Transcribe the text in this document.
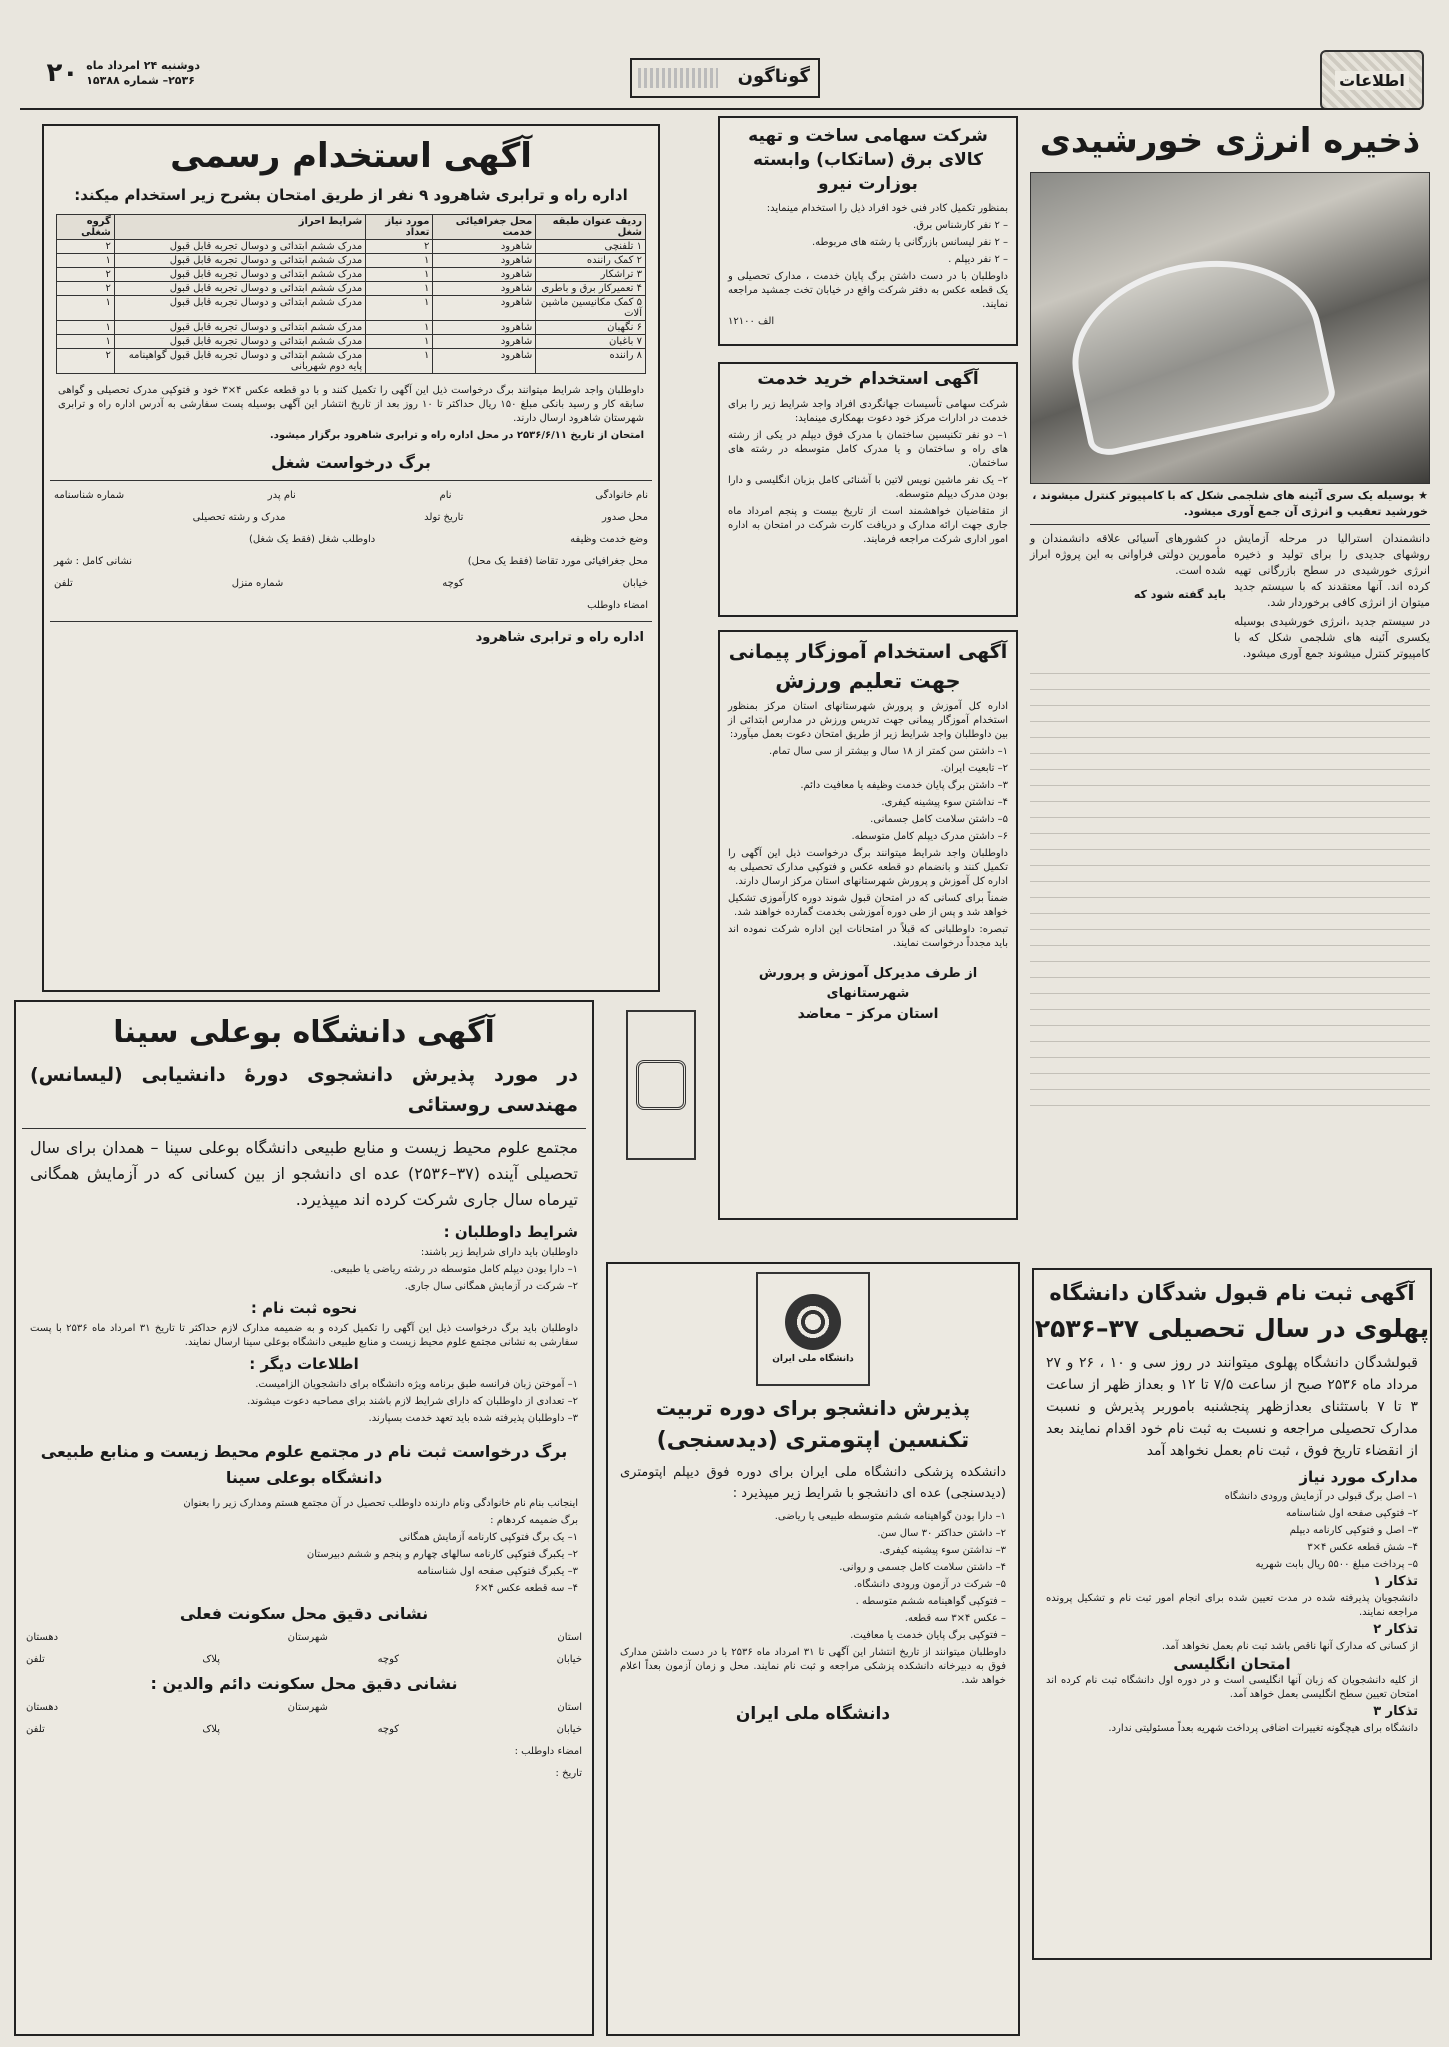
دوشنبه ۲۴ امرداد ماه
۲۵۳۶– شماره ۱۵۳۸۸
۲۰	گوناگون	اطلاعات
ذخیره انرژی خورشیدی
★ بوسیله یک سری آئینه های شلجمی شکل که با کامپیوتر کنترل میشوند ، خورشید تعقیب و انرژی آن جمع آوری میشود.

دانشمندان استرالیا در مرحله آزمایش روشهای جدیدی را برای تولید و ذخیره انرژی خورشیدی در سطح بازرگانی تهیه کرده اند. آنها معتقدند که با سیستم جدید میتوان از انرژی کافی برخوردار شد.

در سیستم جدید ،انرژی خورشیدی بوسیله یکسری آئینه های شلجمی شکل که با کامپیوتر کنترل میشوند جمع آوری میشود.

در کشورهای آسیائی علاقه دانشمندان و مأمورین دولتی فراوانی به این پروژه ابراز شده است.

باید گفته شود که

شرکت سهامی ساخت و تهیه کالای برق (ساتکاب) وابسته بوزارت نیرو

بمنظور تکمیل کادر فنی خود افراد ذیل را استخدام مینماید:

– ۲ نفر کارشناس برق.

– ۲ نفر لیسانس بازرگانی یا رشته های مربوطه.

– ۲ نفر دیپلم .

داوطلبان با در دست داشتن برگ پایان خدمت ، مدارک تحصیلی و یک قطعه عکس به دفتر شرکت واقع در خیابان تخت جمشید مراجعه نمایند.

الف ۱۲۱۰۰

آگهی استخدام خرید خدمت

شرکت سهامی تأسیسات جهانگردی افراد واجد شرایط زیر را برای خدمت در ادارات مرکز خود دعوت بهمکاری مینماید:

۱– دو نفر تکنیسین ساختمان با مدرک فوق دیپلم در یکی از رشته های راه و ساختمان و یا مدرک کامل متوسطه در رشته های ساختمان.

۲– یک نفر ماشین نویس لاتین با آشنائی کامل بزبان انگلیسی و دارا بودن مدرک دیپلم متوسطه.

از متقاضیان خواهشمند است از تاریخ بیست و پنجم امرداد ماه جاری جهت ارائه مدارک و دریافت کارت شرکت در امتحان به اداره امور اداری شرکت مراجعه فرمایند.

آگهی استخدام آموزگار پیمانی
جهت تعلیم ورزش

اداره کل آموزش و پرورش شهرستانهای استان مرکز بمنظور استخدام آموزگار پیمانی جهت تدریس ورزش در مدارس ابتدائی از بین داوطلبان واجد شرایط زیر از طریق امتحان دعوت بعمل میآورد:

۱– داشتن سن کمتر از ۱۸ سال و بیشتر از سی سال تمام.

۲– تابعیت ایران.

۳– داشتن برگ پایان خدمت وظیفه یا معافیت دائم.

۴– نداشتن سوء پیشینه کیفری.

۵– داشتن سلامت کامل جسمانی.

۶– داشتن مدرک دیپلم کامل متوسطه.

داوطلبان واجد شرایط میتوانند برگ درخواست ذیل این آگهی را تکمیل کنند و بانضمام دو قطعه عکس و فتوکپی مدارک تحصیلی به اداره کل آموزش و پرورش شهرستانهای استان مرکز ارسال دارند.

ضمناً برای کسانی که در امتحان قبول شوند دوره کارآموزی تشکیل خواهد شد و پس از طی دوره آموزشی بخدمت گمارده خواهند شد.

تبصره: داوطلبانی که قبلاً در امتحانات این اداره شرکت نموده اند باید مجدداً درخواست نمایند.

از طرف مدیرکل آموزش و پرورش شهرستانهای
استان مرکز – معاضد
آگهی استخدام رسمی
اداره راه و ترابری شاهرود ۹ نفر از طریق امتحان بشرح زیر استخدام میکند:
ردیف عنوان طبقه شغل	محل جغرافیائی خدمت	مورد نیاز تعداد	شرایط احراز	گروه شغلی
۱ تلفنچی	شاهرود	۲	مدرک ششم ابتدائی و دوسال تجربه قابل قبول	۲
۲ کمک راننده	شاهرود	۱	مدرک ششم ابتدائی و دوسال تجربه قابل قبول	۱
۳ تراشکار	شاهرود	۱	مدرک ششم ابتدائی و دوسال تجربه قابل قبول	۲
۴ تعمیرکار برق و باطری	شاهرود	۱	مدرک ششم ابتدائی و دوسال تجربه قابل قبول	۲
۵ کمک مکانیسین ماشین آلات	شاهرود	۱	مدرک ششم ابتدائی و دوسال تجربه قابل قبول	۱
۶ نگهبان	شاهرود	۱	مدرک ششم ابتدائی و دوسال تجربه قابل قبول	۱
۷ باغبان	شاهرود	۱	مدرک ششم ابتدائی و دوسال تجربه قابل قبول	۱
۸ راننده	شاهرود	۱	مدرک ششم ابتدائی و دوسال تجربه قابل قبول گواهینامه پایه دوم شهربانی	۲

داوطلبان واجد شرایط میتوانند برگ درخواست ذیل این آگهی را تکمیل کنند و با دو قطعه عکس ۴×۳ خود و فتوکپی مدرک تحصیلی و گواهی سابقه کار و رسید بانکی مبلغ ۱۵۰ ریال حداکثر تا ۱۰ روز بعد از تاریخ انتشار این آگهی بوسیله پست سفارشی به آدرس اداره راه و ترابری شهرستان شاهرود ارسال دارند.

امتحان از تاریخ ۲۵۳۶/۶/۱۱ در محل اداره راه و ترابری شاهرود برگزار میشود.

برگ درخواست شغل
نام خانوادگی
نام
نام پدر
شماره شناسنامه
محل صدور
تاریخ تولد
مدرک و رشته تحصیلی
وضع خدمت وظیفه
داوطلب شغل (فقط یک شغل)
محل جغرافیائی مورد تقاضا (فقط یک محل)
نشانی کامل : شهر
خیابان
کوچه
شماره منزل
تلفن
امضاء داوطلب
اداره راه و ترابری شاهرود
آگهی دانشگاه بوعلی سینا
در مورد پذیرش دانشجوی دورهٔ دانشیابی (لیسانس) مهندسی روستائی
مجتمع علوم محیط زیست و منابع طبیعی دانشگاه بوعلی سینا – همدان برای سال تحصیلی آینده (۳۷–۲۵۳۶) عده ای دانشجو از بین کسانی که در آزمایش همگانی تیرماه سال جاری شرکت کرده اند میپذیرد.

شرایط داوطلبان :

داوطلبان باید دارای شرایط زیر باشند:

۱– دارا بودن دیپلم کامل متوسطه در رشته ریاضی یا طبیعی.

۲– شرکت در آزمایش همگانی سال جاری.

نحوه ثبت نام :

داوطلبان باید برگ درخواست ذیل این آگهی را تکمیل کرده و به ضمیمه مدارک لازم حداکثر تا تاریخ ۳۱ امرداد ماه ۲۵۳۶ با پست سفارشی به نشانی مجتمع علوم محیط زیست و منابع طبیعی دانشگاه بوعلی سینا ارسال نمایند.

اطلاعات دیگر :

۱– آموختن زبان فرانسه طبق برنامه ویژه دانشگاه برای دانشجویان الزامیست.

۲– تعدادی از داوطلبان که دارای شرایط لازم باشند برای مصاحبه دعوت میشوند.

۳– داوطلبان پذیرفته شده باید تعهد خدمت بسپارند.

برگ درخواست ثبت نام در مجتمع علوم محیط زیست و منابع طبیعی دانشگاه بوعلی سینا

اینجانب بنام نام خانوادگی ونام دارنده داوطلب تحصیل در آن مجتمع هستم ومدارک زیر را بعنوان

برگ ضمیمه کردهام :

۱– یک برگ فتوکپی کارنامه آزمایش همگانی

۲– یکبرگ فتوکپی کارنامه سالهای چهارم و پنجم و ششم دبیرستان

۳– یکبرگ فتوکپی صفحه اول شناسنامه

۴– سه قطعه عکس ۴×۶

نشانی دقیق محل سکونت فعلی
استان
شهرستان
دهستان
خیابان
کوچه
پلاک
تلفن
نشانی دقیق محل سکونت دائم والدین :
استان
شهرستان
دهستان
خیابان
کوچه
پلاک
تلفن
امضاء داوطلب :
تاریخ :
آگهی ثبت نام قبول شدگان دانشگاه
پهلوی در سال تحصیلی ۳۷–۲۵۳۶
قبولشدگان دانشگاه پهلوی میتوانند در روز سی و ۱۰ ، ۲۶ و ۲۷ مرداد ماه ۲۵۳۶ صبح از ساعت ۷/۵ تا ۱۲ و بعداز ظهر از ساعت ۳ تا ۷ باستثنای بعدازظهر پنجشنبه باموربر پذیرش و نسبت مدارک تحصیلی مراجعه و نسبت به ثبت نام خود اقدام نمایند بعد از انقضاء تاریخ فوق ، ثبت نام بعمل نخواهد آمد
مدارک مورد نیاز

۱– اصل برگ قبولی در آزمایش ورودی دانشگاه

۲– فتوکپی صفحه اول شناسنامه

۳– اصل و فتوکپی کارنامه دیپلم

۴– شش قطعه عکس ۴×۳

۵– پرداخت مبلغ ۵۵۰۰ ریال بابت شهریه

تذکار ۱

دانشجویان پذیرفته شده در مدت تعیین شده برای انجام امور ثبت نام و تشکیل پرونده مراجعه نمایند.

تذکار ۲

از کسانی که مدارک آنها ناقص باشد ثبت نام بعمل نخواهد آمد.

امتحان انگلیسی

از کلیه دانشجویان که زبان آنها انگلیسی است و در دوره اول دانشگاه ثبت نام کرده اند امتحان تعیین سطح انگلیسی بعمل خواهد آمد.

تذکار ۳

دانشگاه برای هیچگونه تغییرات اضافی پرداخت شهریه بعداً مسئولیتی ندارد.

دانشگاه ملی ایران
پذیرش دانشجو برای دوره تربیت
تکنسین اپتومتری (دیدسنجی)
دانشکده پزشکی دانشگاه ملی ایران برای دوره فوق دیپلم اپتومتری (دیدسنجی) عده ای دانشجو با شرایط زیر میپذیرد :

۱– دارا بودن گواهینامه ششم متوسطه طبیعی یا ریاضی.

۲– داشتن حداکثر ۳۰ سال سن.

۳– نداشتن سوء پیشینه کیفری.

۴– داشتن سلامت کامل جسمی و روانی.

۵– شرکت در آزمون ورودی دانشگاه.

– فتوکپی گواهینامه ششم متوسطه .

– عکس ۴×۳ سه قطعه.

– فتوکپی برگ پایان خدمت یا معافیت.

داوطلبان میتوانند از تاریخ انتشار این آگهی تا ۳۱ امرداد ماه ۲۵۳۶ با در دست داشتن مدارک فوق به دبیرخانه دانشکده پزشکی مراجعه و ثبت نام نمایند. محل و زمان آزمون بعداً اعلام خواهد شد.

دانشگاه ملی ایران
